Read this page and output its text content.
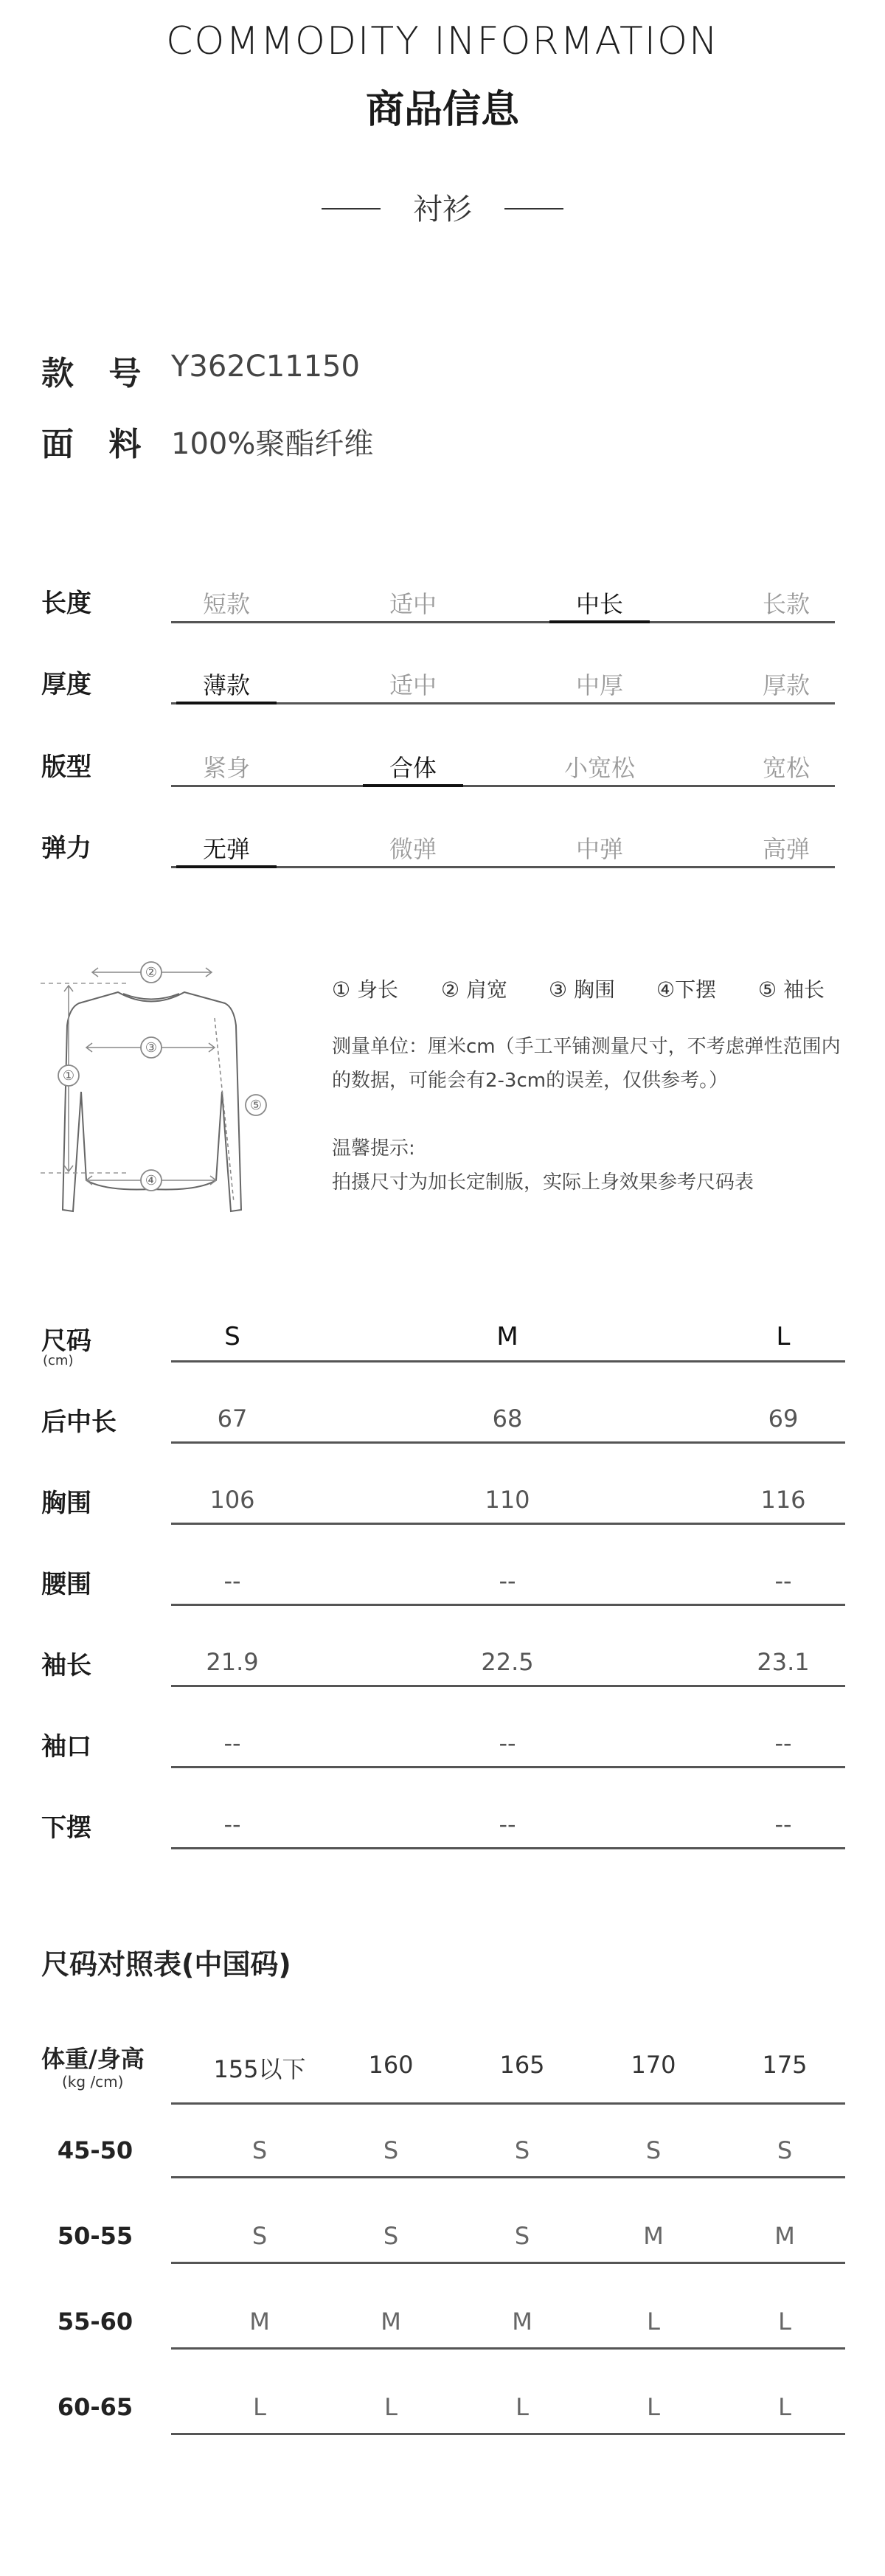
COMMODITY INFORMATION
商品信息
衬衫
款 号 Y362C11150
面 料 100%聚酯纤维
长度	短款	适中	中长	长款
厚度	薄款	适中	中厚	厚款
版型	紧身	合体	小宽松	宽松
弹力	无弹	微弹	中弹	高弹
②
①
③
④
⑤
① 身长 ② 肩宽 ③ 胸围 ④下摆 ⑤ 袖长
测量单位：厘米cm（手工平铺测量尺寸，不考虑弹性范围内
的数据，可能会有2-3cm的误差，仅供参考。）
温馨提示:
拍摄尺寸为加长定制版，实际上身效果参考尺码表
尺码
(cm)
S	M	L
后中长	67	68	69
胸围	106	110	116
腰围	--	--	--
袖长	21.9	22.5	23.1
袖口	--	--	--
下摆	--	--	--
尺码对照表(中国码)
体重/身高
(kg /cm)	155以下	160	165	170	175
45-50	S	S	S	S	S
50-55	S	S	S	M	M
55-60	M	M	M	L	L
60-65	L	L	L	L	L
